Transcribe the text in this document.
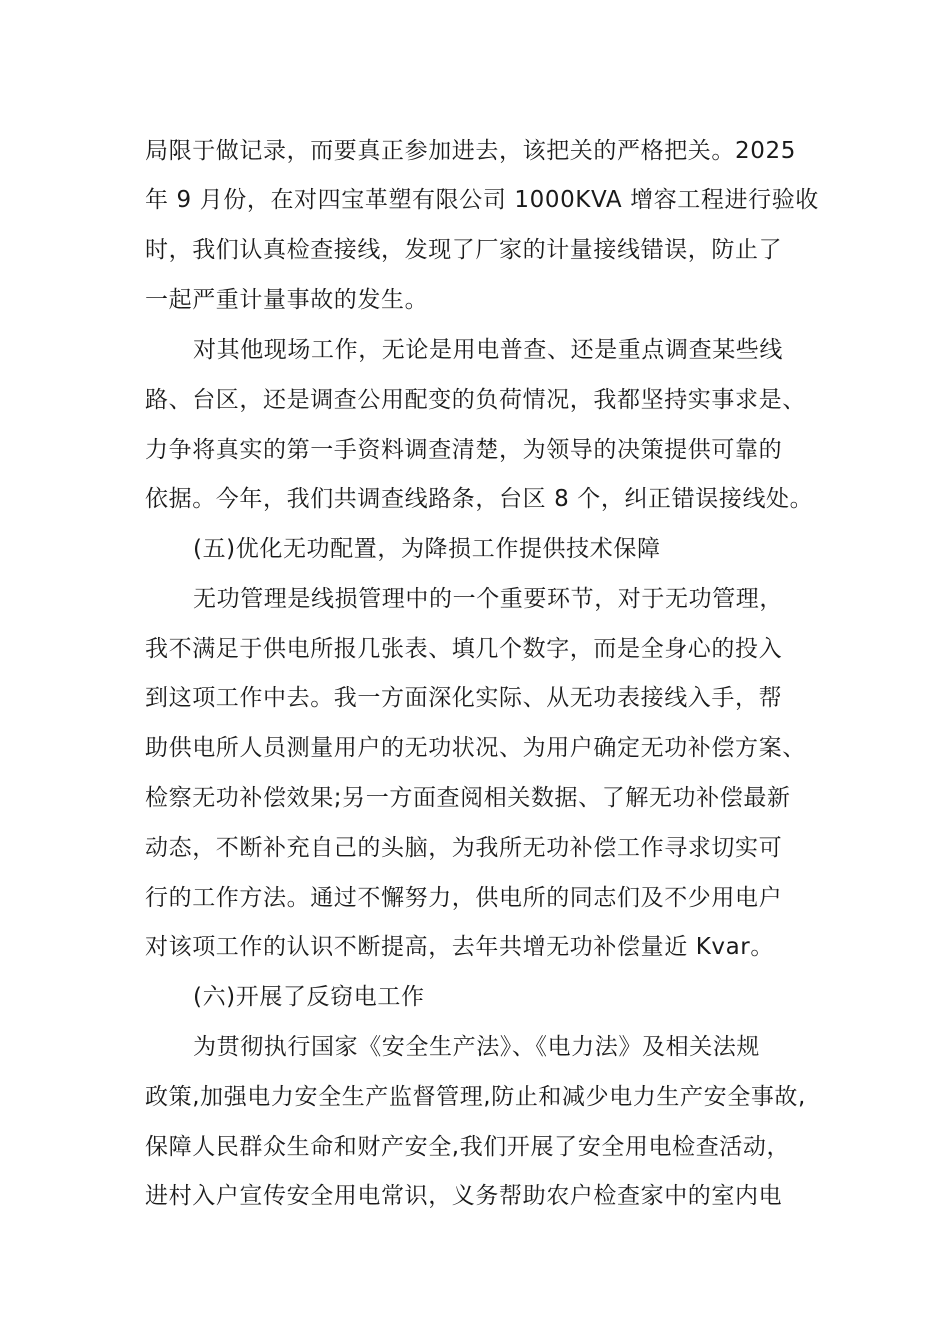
局限于做记录，而要真正参加进去，该把关的严格把关。2025
年 9 月份，在对四宝革塑有限公司 1000KVA 增容工程进行验收
时，我们认真检查接线，发现了厂家的计量接线错误，防止了
一起严重计量事故的发生。
对其他现场工作，无论是用电普查、还是重点调查某些线
路、台区，还是调查公用配变的负荷情况，我都坚持实事求是、
力争将真实的第一手资料调查清楚，为领导的决策提供可靠的
依据。今年，我们共调查线路条，台区 8 个，纠正错误接线处。
(五)优化无功配置，为降损工作提供技术保障
无功管理是线损管理中的一个重要环节，对于无功管理，
我不满足于供电所报几张表、填几个数字，而是全身心的投入
到这项工作中去。我一方面深化实际、从无功表接线入手，帮
助供电所人员测量用户的无功状况、为用户确定无功补偿方案、
检察无功补偿效果;另一方面查阅相关数据、了解无功补偿最新
动态，不断补充自己的头脑，为我所无功补偿工作寻求切实可
行的工作方法。通过不懈努力，供电所的同志们及不少用电户
对该项工作的认识不断提高，去年共增无功补偿量近 Kvar。
(六)开展了反窃电工作
为贯彻执行国家《安全生产法》、《电力法》及相关法规
政策,加强电力安全生产监督管理,防止和减少电力生产安全事故,
保障人民群众生命和财产安全,我们开展了安全用电检查活动，
进村入户宣传安全用电常识，义务帮助农户检查家中的室内电
